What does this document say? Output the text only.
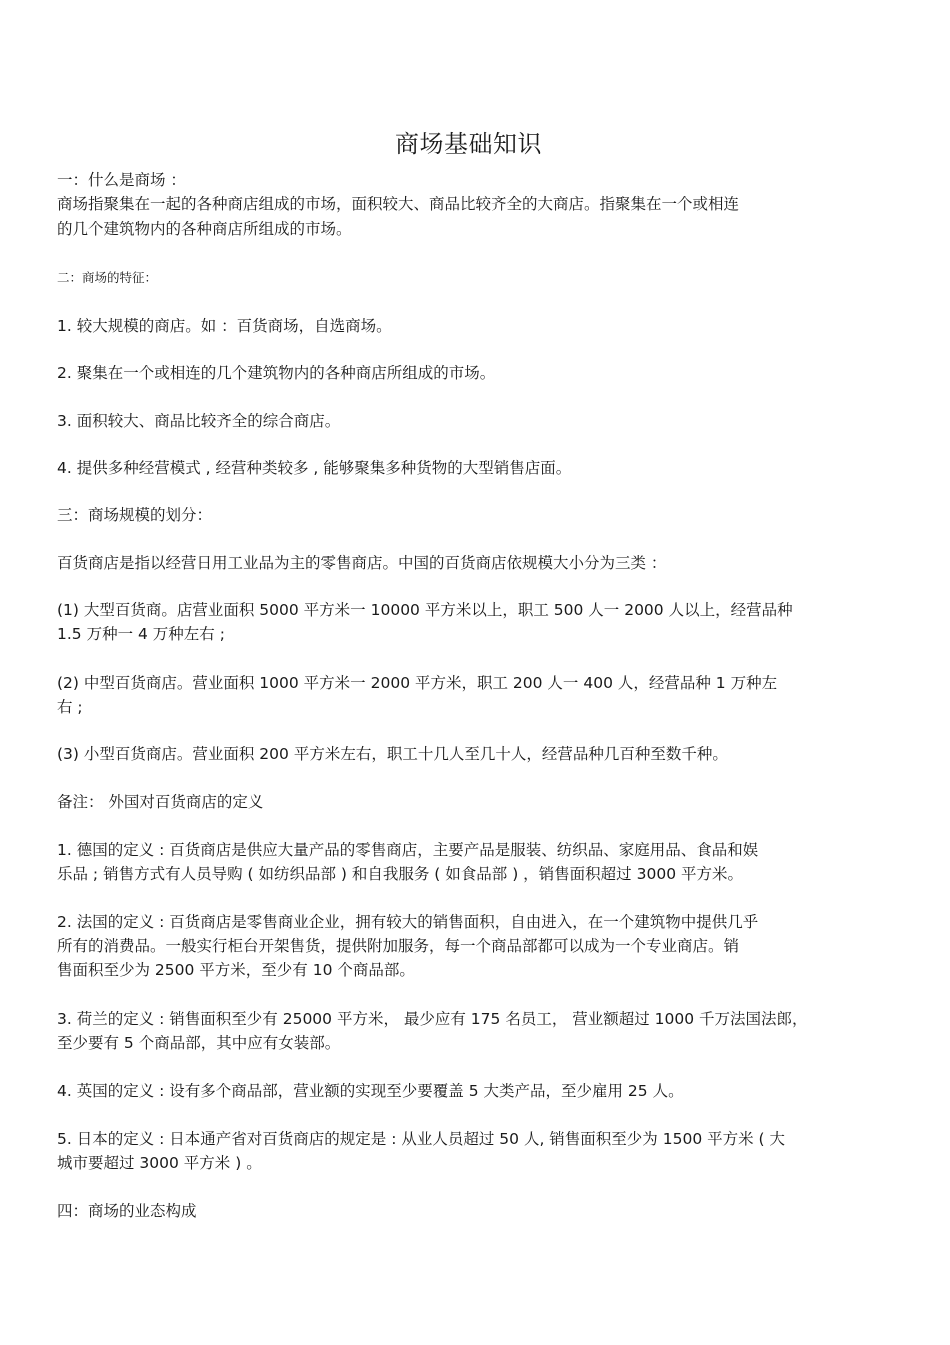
商场基础知识
一：什么是商场 ：
商场指聚集在一起的各种商店组成的市场，面积较大、商品比较齐全的大商店。指聚集在一个或相连
的几个建筑物内的各种商店所组成的市场。
二：商场的特征：
1. 较大规模的商店。如 ：百货商场，自选商场。
2. 聚集在一个或相连的几个建筑物内的各种商店所组成的市场。
3. 面积较大、商品比较齐全的综合商店。
4. 提供多种经营模式 , 经营种类较多 , 能够聚集多种货物的大型销售店面。
三：商场规模的划分：
百货商店是指以经营日用工业品为主的零售商店。中国的百货商店依规模大小分为三类 ：
(1) 大型百货商。店营业面积 5000 平方米一 10000 平方米以上，职工 500 人一 2000 人以上，经营品种
1.5 万种一 4 万种左右 ;
(2) 中型百货商店。营业面积 1000 平方米一 2000 平方米，职工 200 人一 400 人，经营品种 1 万种左
右 ;
(3) 小型百货商店。营业面积 200 平方米左右，职工十几人至几十人，经营品种几百种至数千种。
备注： 外国对百货商店的定义
1. 德国的定义 : 百货商店是供应大量产品的零售商店，主要产品是服装、纺织品、家庭用品、食品和娱
乐品 ; 销售方式有人员导购 ( 如纺织品部 ) 和自我服务 ( 如食品部 ) ，销售面积超过 3000 平方米。
2. 法国的定义 : 百货商店是零售商业企业，拥有较大的销售面积，自由进入，在一个建筑物中提供几乎
所有的消费品。一般实行柜台开架售货，提供附加服务，每一个商品部都可以成为一个专业商店。销
售面积至少为 2500 平方米，至少有 10 个商品部。
3. 荷兰的定义 : 销售面积至少有 25000 平方米， 最少应有 175 名员工， 营业额超过 1000 千万法国法郎，
至少要有 5 个商品部，其中应有女装部。
4. 英国的定义 : 设有多个商品部，营业额的实现至少要覆盖 5 大类产品，至少雇用 25 人。
5. 日本的定义 : 日本通产省对百货商店的规定是 : 从业人员超过 50 人, 销售面积至少为 1500 平方米 ( 大
城市要超过 3000 平方米 ) 。
四：商场的业态构成
